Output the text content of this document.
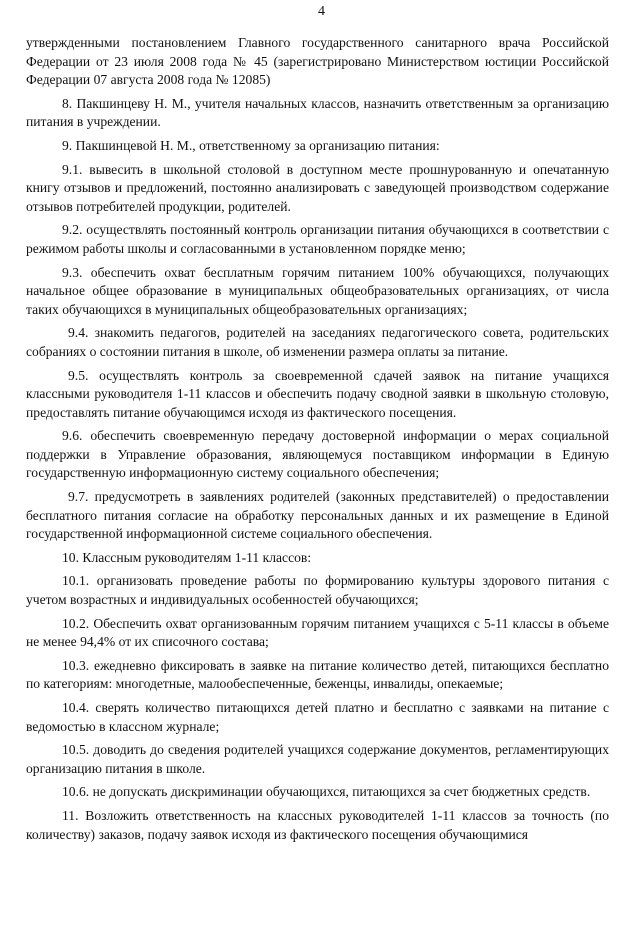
4

утвержденными постановлением Главного государственного санитарного врача Российской Федерации от 23 июля 2008 года № 45 (зарегистрировано Министерством юстиции Российской Федерации 07 августа 2008 года № 12085)

8. Пакшинцеву Н. М., учителя начальных классов, назначить ответственным за организацию питания в учреждении.

9. Пакшинцевой Н. М., ответственному за организацию питания:

9.1. вывесить в школьной столовой в доступном месте прошнурованную и опечатанную книгу отзывов и предложений, постоянно анализировать с заведующей производством содержание отзывов потребителей продукции, родителей.

9.2. осуществлять постоянный контроль организации питания обучающихся в соответствии с режимом работы школы и согласованными в установленном порядке меню;

9.3. обеспечить охват бесплатным горячим питанием 100% обучающихся, получающих начальное общее образование в муниципальных общеобразовательных организациях, от числа таких обучающихся в муниципальных общеобразовательных организациях;

9.4. знакомить педагогов, родителей на заседаниях педагогического совета, родительских собраниях о состоянии питания в школе, об изменении размера оплаты за питание.

9.5. осуществлять контроль за своевременной сдачей заявок на питание учащихся классными руководителя 1-11 классов и обеспечить подачу сводной заявки в школьную столовую, предоставлять питание обучающимся исходя из фактического посещения.

9.6. обеспечить своевременную передачу достоверной информации о мерах социальной поддержки в Управление образования, являющемуся поставщиком информации в Единую государственную информационную систему социального обеспечения;

9.7. предусмотреть в заявлениях родителей (законных представителей) о предоставлении бесплатного питания согласие на обработку персональных данных и их размещение в Единой государственной информационной системе социального обеспечения.

10. Классным руководителям 1-11 классов:

10.1. организовать проведение работы по формированию культуры здорового питания с учетом возрастных и индивидуальных особенностей обучающихся;

10.2. Обеспечить охват организованным горячим питанием учащихся с 5-11 классы в объеме не менее 94,4% от их списочного состава;

10.3. ежедневно фиксировать в заявке на питание количество детей, питающихся бесплатно по категориям: многодетные, малообеспеченные, беженцы, инвалиды, опекаемые;

10.4. сверять количество питающихся детей платно и бесплатно с заявками на питание с ведомостью в классном журнале;

10.5. доводить до сведения родителей учащихся содержание документов, регламентирующих организацию питания в школе.

10.6. не допускать дискриминации обучающихся, питающихся за счет бюджетных средств.

11. Возложить ответственность на классных руководителей 1-11 классов за точность (по количеству) заказов, подачу заявок исходя из фактического посещения обучающимися
